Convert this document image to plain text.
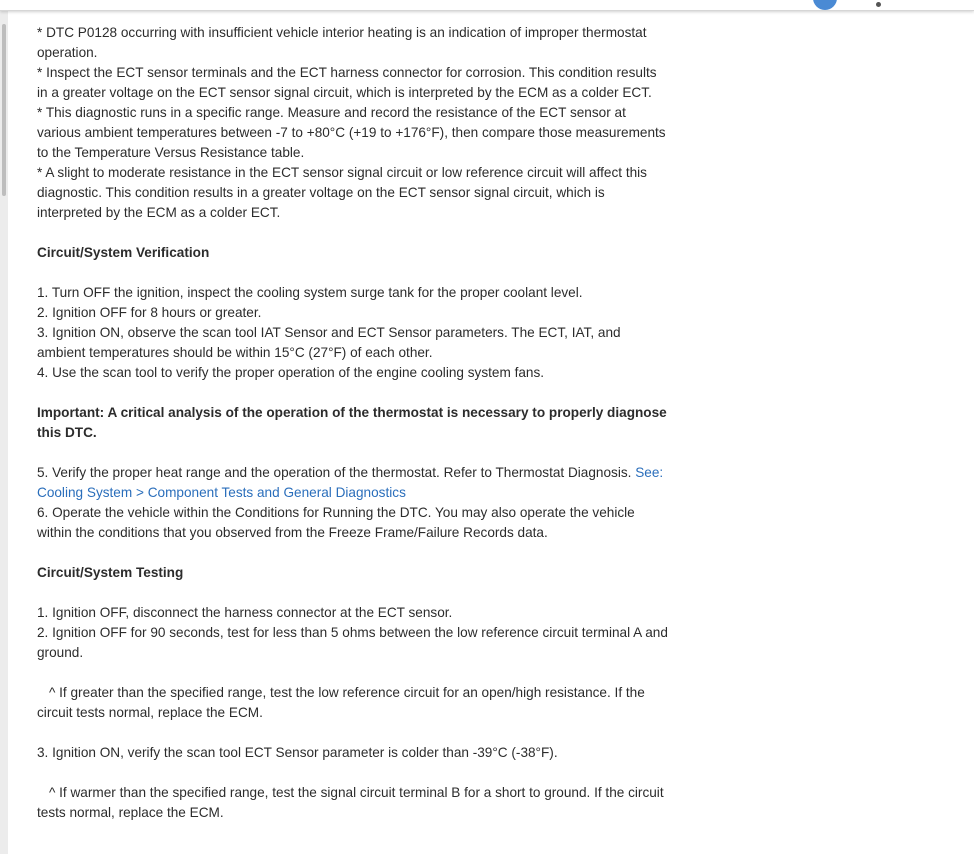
* DTC P0128 occurring with insufficient vehicle interior heating is an indication of improper thermostat operation.

* Inspect the ECT sensor terminals and the ECT harness connector for corrosion. This condition results in a greater voltage on the ECT sensor signal circuit, which is interpreted by the ECM as a colder ECT.

* This diagnostic runs in a specific range. Measure and record the resistance of the ECT sensor at various ambient temperatures between -7 to +80°C (+19 to +176°F), then compare those measurements to the Temperature Versus Resistance table.

* A slight to moderate resistance in the ECT sensor signal circuit or low reference circuit will affect this diagnostic. This condition results in a greater voltage on the ECT sensor signal circuit, which is interpreted by the ECM as a colder ECT.

Circuit/System Verification

1. Turn OFF the ignition, inspect the cooling system surge tank for the proper coolant level.

2. Ignition OFF for 8 hours or greater.

3. Ignition ON, observe the scan tool IAT Sensor and ECT Sensor parameters. The ECT, IAT, and ambient temperatures should be within 15°C (27°F) of each other.

4. Use the scan tool to verify the proper operation of the engine cooling system fans.

Important: A critical analysis of the operation of the thermostat is necessary to properly diagnose this DTC.

5. Verify the proper heat range and the operation of the thermostat. Refer to Thermostat Diagnosis. See: Cooling System > Component Tests and General Diagnostics

6. Operate the vehicle within the Conditions for Running the DTC. You may also operate the vehicle within the conditions that you observed from the Freeze Frame/Failure Records data.

Circuit/System Testing

1. Ignition OFF, disconnect the harness connector at the ECT sensor.

2. Ignition OFF for 90 seconds, test for less than 5 ohms between the low reference circuit terminal A and ground.

^ If greater than the specified range, test the low reference circuit for an open/high resistance. If the circuit tests normal, replace the ECM.

3. Ignition ON, verify the scan tool ECT Sensor parameter is colder than -39°C (-38°F).

^ If warmer than the specified range, test the signal circuit terminal B for a short to ground. If the circuit tests normal, replace the ECM.
